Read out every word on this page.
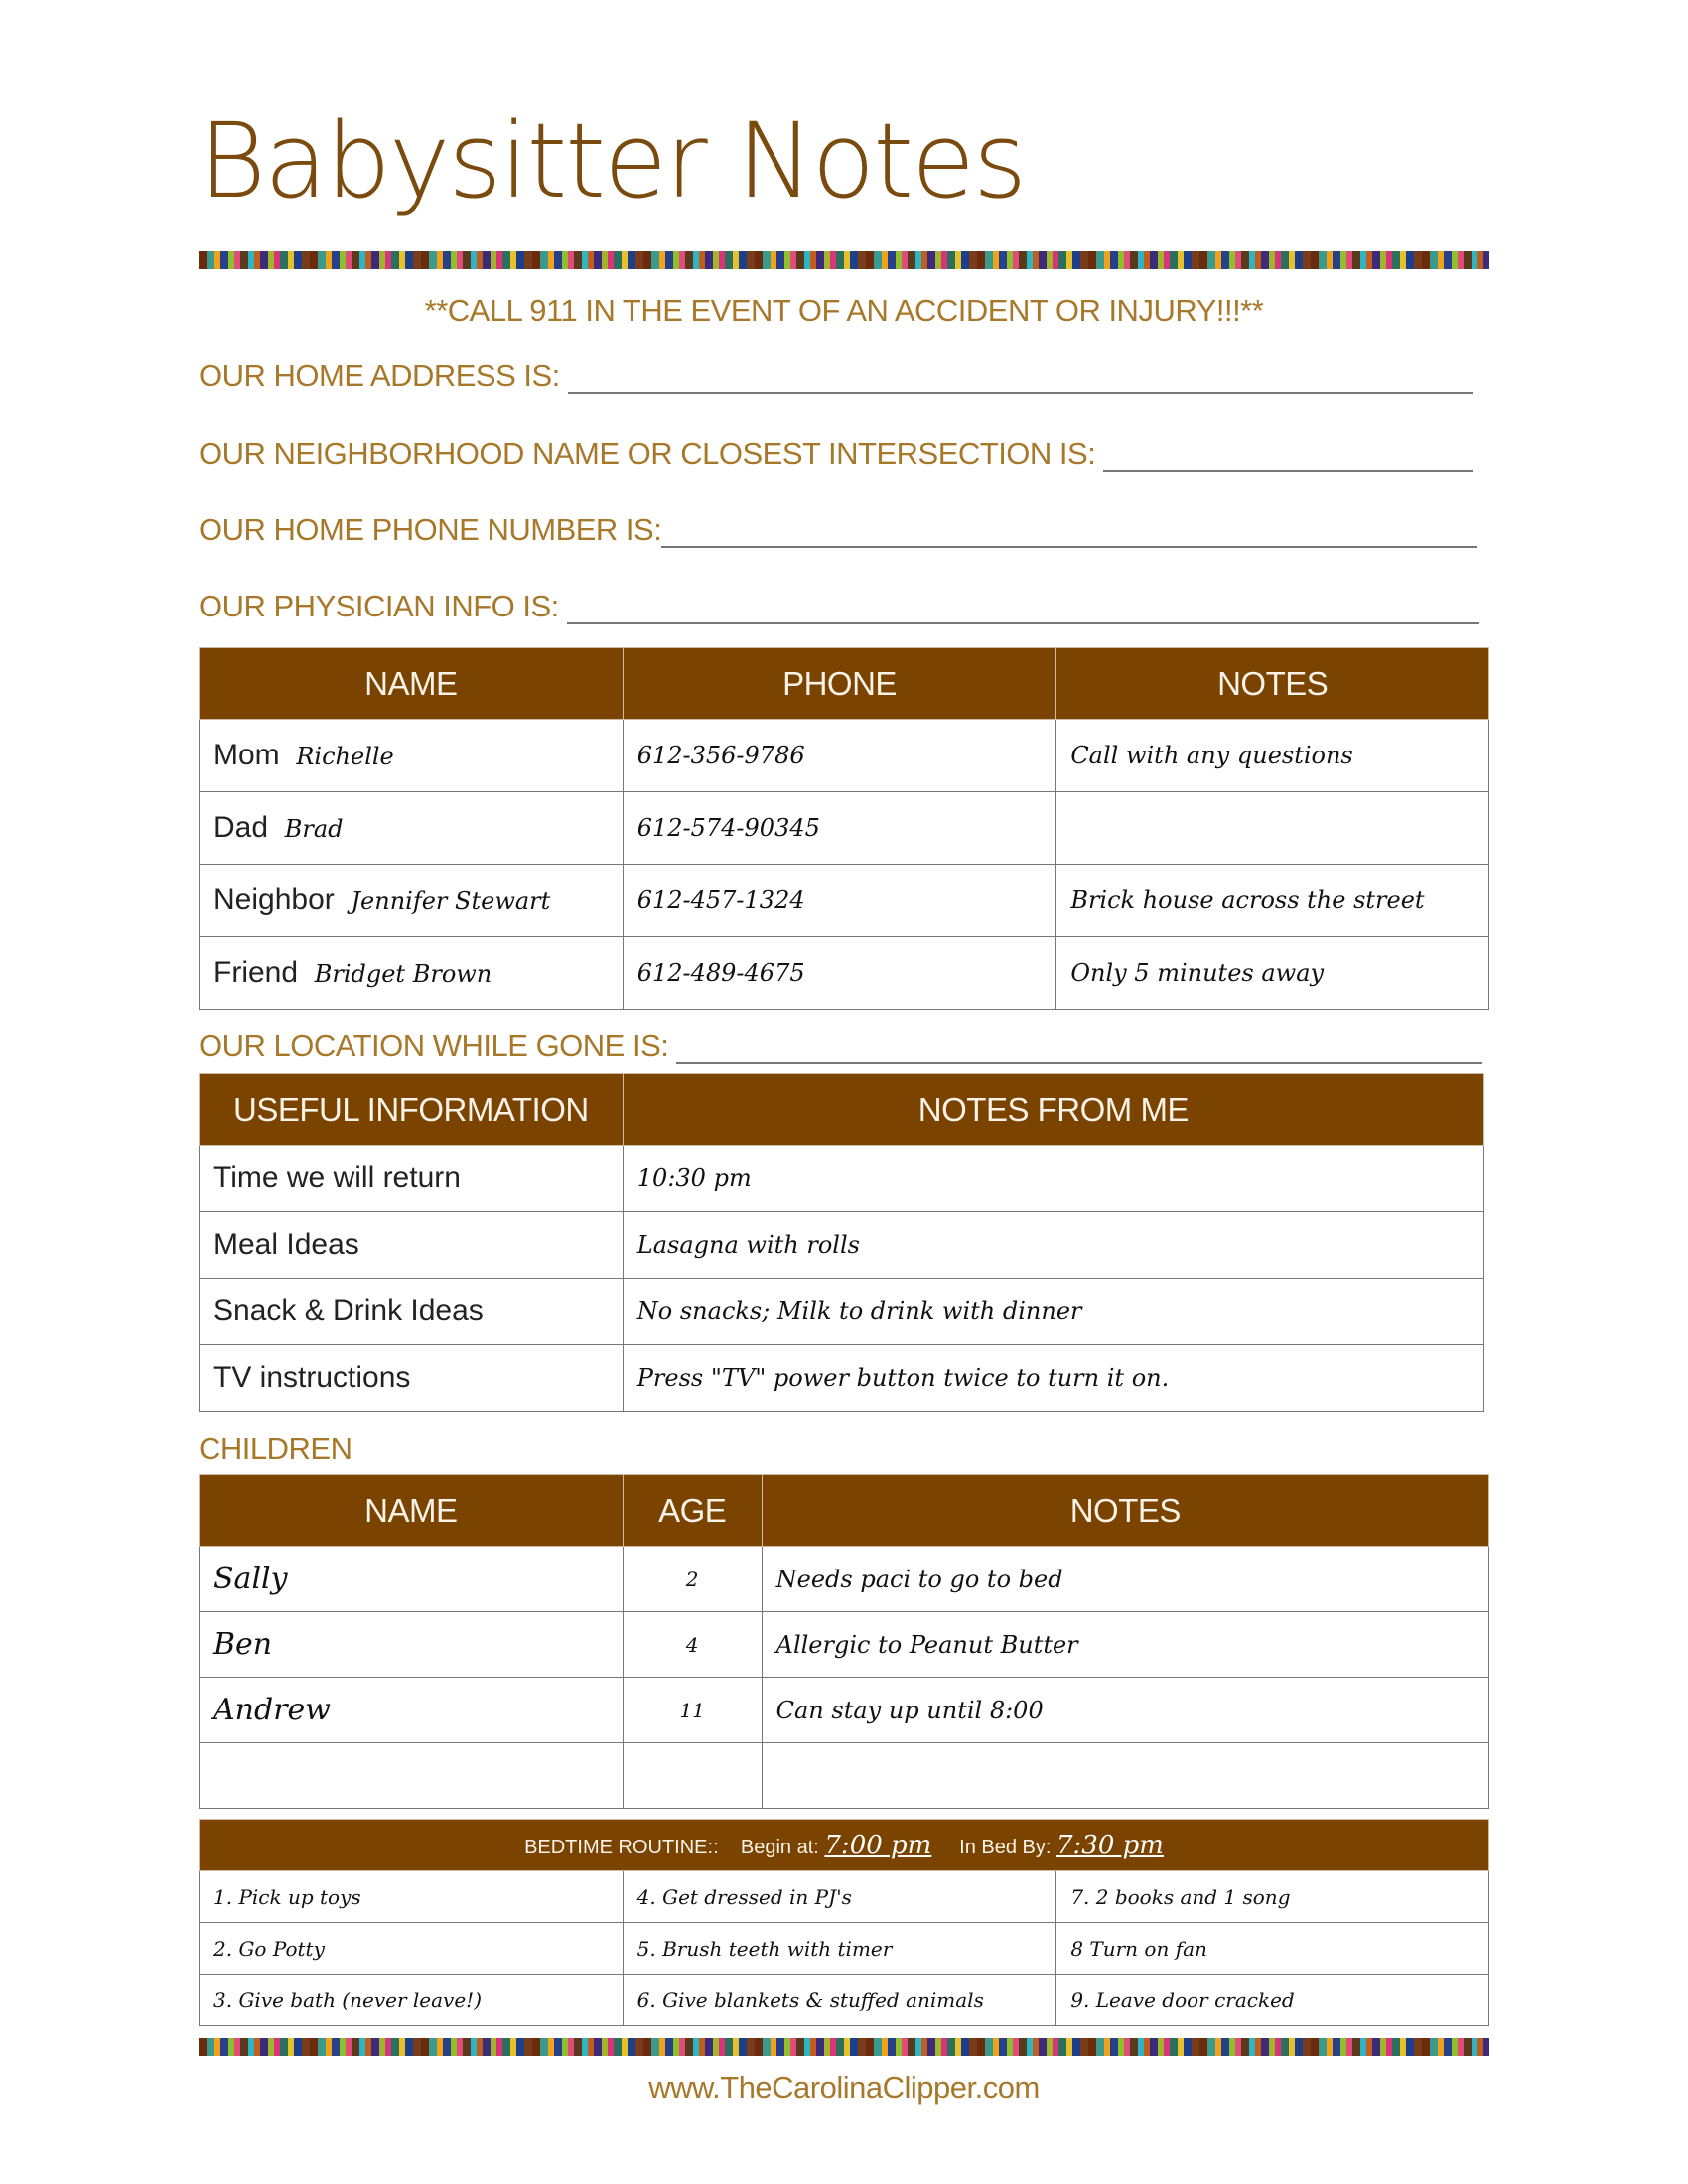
Babysitter Notes
**CALL 911 IN THE EVENT OF AN ACCIDENT OR INJURY!!!**
OUR HOME ADDRESS IS:
OUR NEIGHBORHOOD NAME OR CLOSEST INTERSECTION IS:
OUR HOME PHONE NUMBER IS:
OUR PHYSICIAN INFO IS:
NAME	PHONE	NOTES
Mom Richelle	612-356-9786	Call with any questions
Dad Brad	612-574-90345	
Neighbor Jennifer Stewart	612-457-1324	Brick house across the street
Friend Bridget Brown	612-489-4675	Only 5 minutes away
OUR LOCATION WHILE GONE IS:
USEFUL INFORMATION	NOTES FROM ME
Time we will return	10:30 pm
Meal Ideas	Lasagna with rolls
Snack & Drink Ideas	No snacks; Milk to drink with dinner
TV instructions	Press "TV" power button twice to turn it on.
CHILDREN
NAME	AGE	NOTES
Sally	2	Needs paci to go to bed
Ben	4	Allergic to Peanut Butter
Andrew	11	Can stay up until 8:00

BEDTIME ROUTINE:: Begin at: 7:00 pm In Bed By: 7:30 pm		
1. Pick up toys	4. Get dressed in PJ's	7. 2 books and 1 song
2. Go Potty	5. Brush teeth with timer	8 Turn on fan
3. Give bath (never leave!)	6. Give blankets & stuffed animals	9. Leave door cracked
www.TheCarolinaClipper.com
